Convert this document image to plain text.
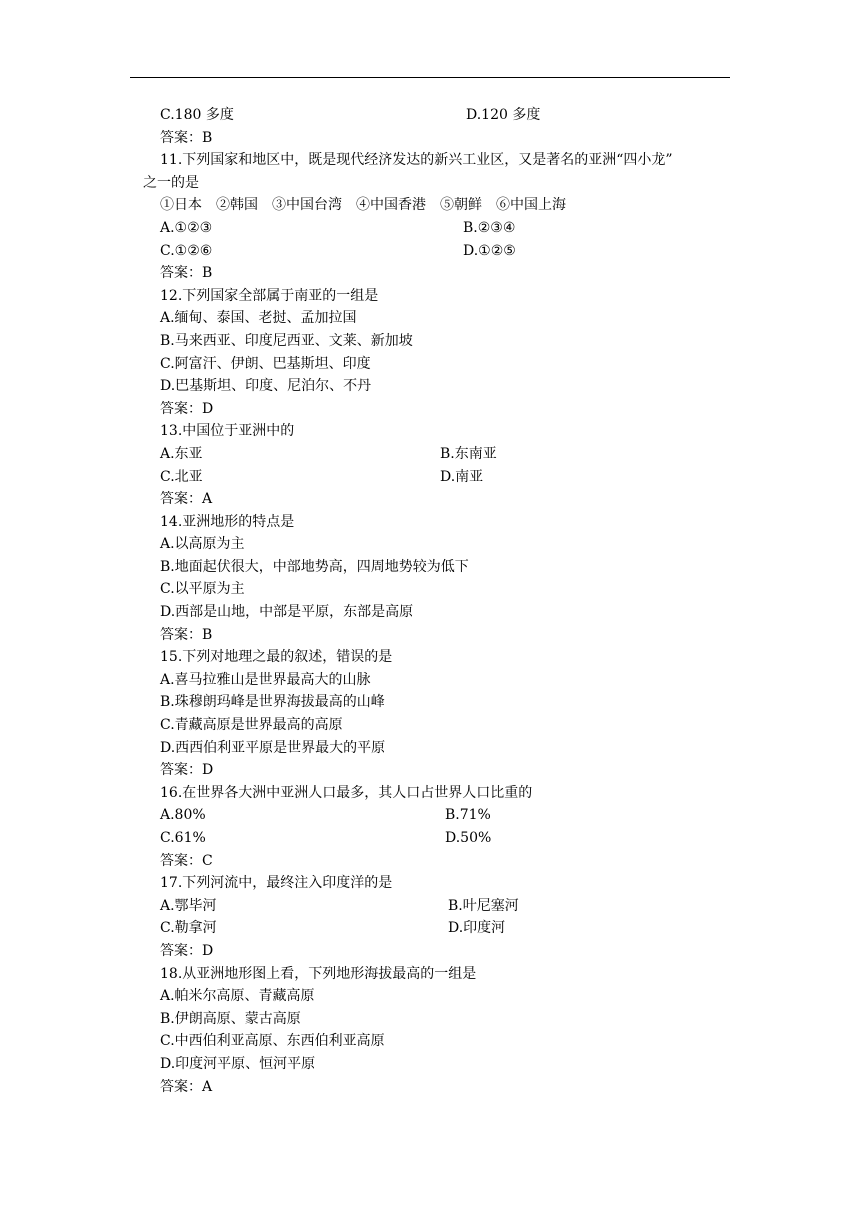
C.180 多度	D.120 多度
答案：B
11.下列国家和地区中，既是现代经济发达的新兴工业区，又是著名的亚洲“四小龙”
之一的是
①日本　②韩国　③中国台湾　④中国香港　⑤朝鲜　⑥中国上海
A.①②③	B.②③④
C.①②⑥	D.①②⑤
答案：B
12.下列国家全部属于南亚的一组是
A.缅甸、泰国、老挝、孟加拉国
B.马来西亚、印度尼西亚、文莱、新加坡
C.阿富汗、伊朗、巴基斯坦、印度
D.巴基斯坦、印度、尼泊尔、不丹
答案：D
13.中国位于亚洲中的
A.东亚	B.东南亚
C.北亚	D.南亚
答案：A
14.亚洲地形的特点是
A.以高原为主
B.地面起伏很大，中部地势高，四周地势较为低下
C.以平原为主
D.西部是山地，中部是平原，东部是高原
答案：B
15.下列对地理之最的叙述，错误的是
A.喜马拉雅山是世界最高大的山脉
B.珠穆朗玛峰是世界海拔最高的山峰
C.青藏高原是世界最高的高原
D.西西伯利亚平原是世界最大的平原
答案：D
16.在世界各大洲中亚洲人口最多，其人口占世界人口比重的
A.80%	B.71%
C.61%	D.50%
答案：C
17.下列河流中，最终注入印度洋的是
A.鄂毕河	B.叶尼塞河
C.勒拿河	D.印度河
答案：D
18.从亚洲地形图上看，下列地形海拔最高的一组是
A.帕米尔高原、青藏高原
B.伊朗高原、蒙古高原
C.中西伯利亚高原、东西伯利亚高原
D.印度河平原、恒河平原
答案：A
